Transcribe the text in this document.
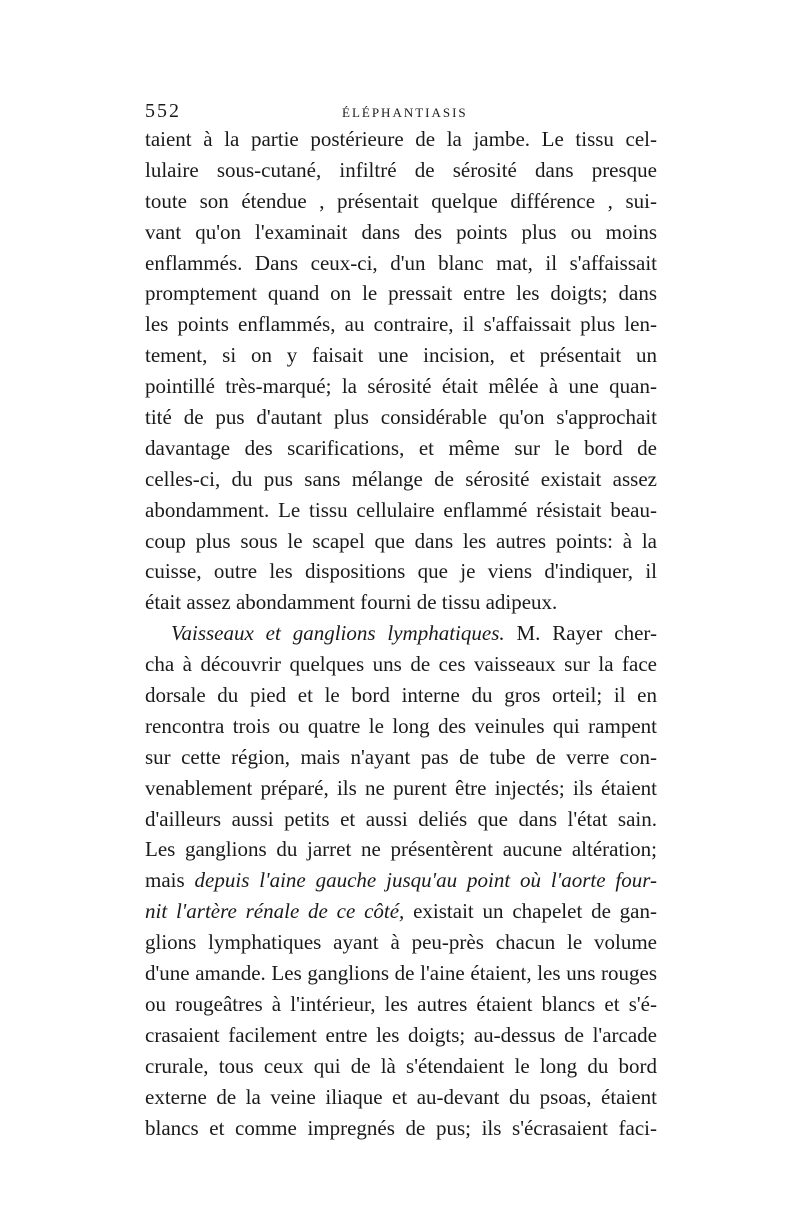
552	ÉLÉPHANTIASIS
taient à la partie postérieure de la jambe. Le tissu cel-
lulaire sous-cutané, infiltré de sérosité dans presque
toute son étendue , présentait quelque différence , sui-
vant qu'on l'examinait dans des points plus ou moins
enflammés. Dans ceux-ci, d'un blanc mat, il s'affaissait
promptement quand on le pressait entre les doigts; dans
les points enflammés, au contraire, il s'affaissait plus len-
tement, si on y faisait une incision, et présentait un
pointillé très-marqué; la sérosité était mêlée à une quan-
tité de pus d'autant plus considérable qu'on s'approchait
davantage des scarifications, et même sur le bord de
celles-ci, du pus sans mélange de sérosité existait assez
abondamment. Le tissu cellulaire enflammé résistait beau-
coup plus sous le scapel que dans les autres points: à la
cuisse, outre les dispositions que je viens d'indiquer, il
était assez abondamment fourni de tissu adipeux.
Vaisseaux et ganglions lymphatiques. M. Rayer cher-
cha à découvrir quelques uns de ces vaisseaux sur la face
dorsale du pied et le bord interne du gros orteil; il en
rencontra trois ou quatre le long des veinules qui rampent
sur cette région, mais n'ayant pas de tube de verre con-
venablement préparé, ils ne purent être injectés; ils étaient
d'ailleurs aussi petits et aussi deliés que dans l'état sain.
Les ganglions du jarret ne présentèrent aucune altération;
mais depuis l'aine gauche jusqu'au point où l'aorte four-
nit l'artère rénale de ce côté, existait un chapelet de gan-
glions lymphatiques ayant à peu-près chacun le volume
d'une amande. Les ganglions de l'aine étaient, les uns rouges
ou rougeâtres à l'intérieur, les autres étaient blancs et s'é-
crasaient facilement entre les doigts; au-dessus de l'arcade
crurale, tous ceux qui de là s'étendaient le long du bord
externe de la veine iliaque et au-devant du psoas, étaient
blancs et comme impregnés de pus; ils s'écrasaient faci-
